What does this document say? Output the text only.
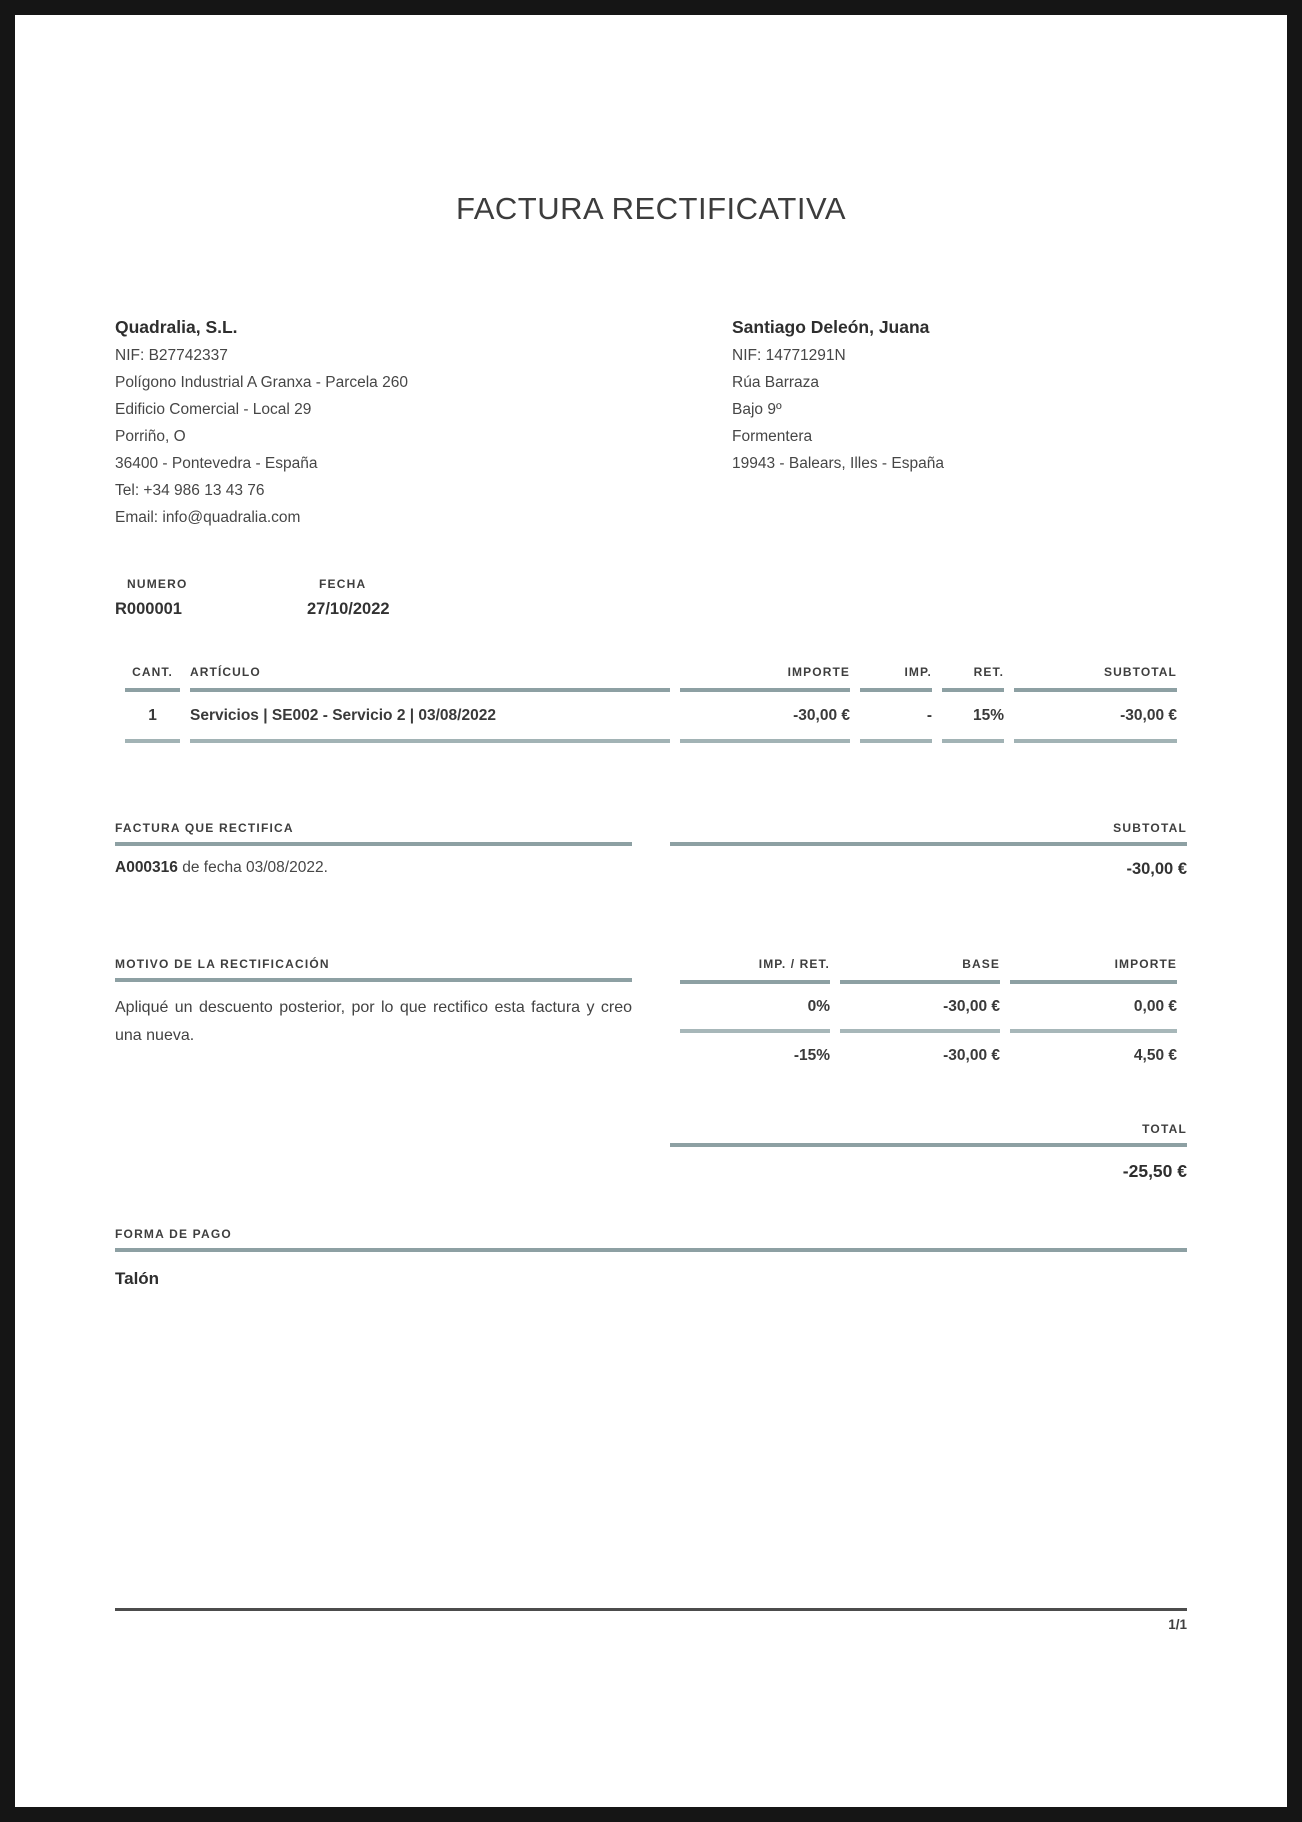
FACTURA RECTIFICATIVA
Quadralia, S.L.
NIF: B27742337
Polígono Industrial A Granxa - Parcela 260
Edificio Comercial - Local 29
Porriño, O
36400 - Pontevedra - España
Tel: +34 986 13 43 76
Email: info@quadralia.com
Santiago Deleón, Juana
NIF: 14771291N
Rúa Barraza
Bajo 9º
Formentera
19943 - Balears, Illes - España
NUMERO
R000001
FECHA
27/10/2022
CANT.	ARTÍCULO	IMPORTE	IMP.	RET.	SUBTOTAL
1	Servicios | SE002 - Servicio 2 | 03/08/2022	-30,00 €	-	15%	-30,00 €
FACTURA QUE RECTIFICA
A000316 de fecha 03/08/2022.
SUBTOTAL
-30,00 €
MOTIVO DE LA RECTIFICACIÓN
Apliqué un descuento posterior, por lo que rectifico esta factura y creo una nueva.
IMP. / RET.	BASE	IMPORTE
0%	-30,00 €	0,00 €
-15%	-30,00 €	4,50 €
TOTAL
-25,50 €
FORMA DE PAGO
Talón
1/1
